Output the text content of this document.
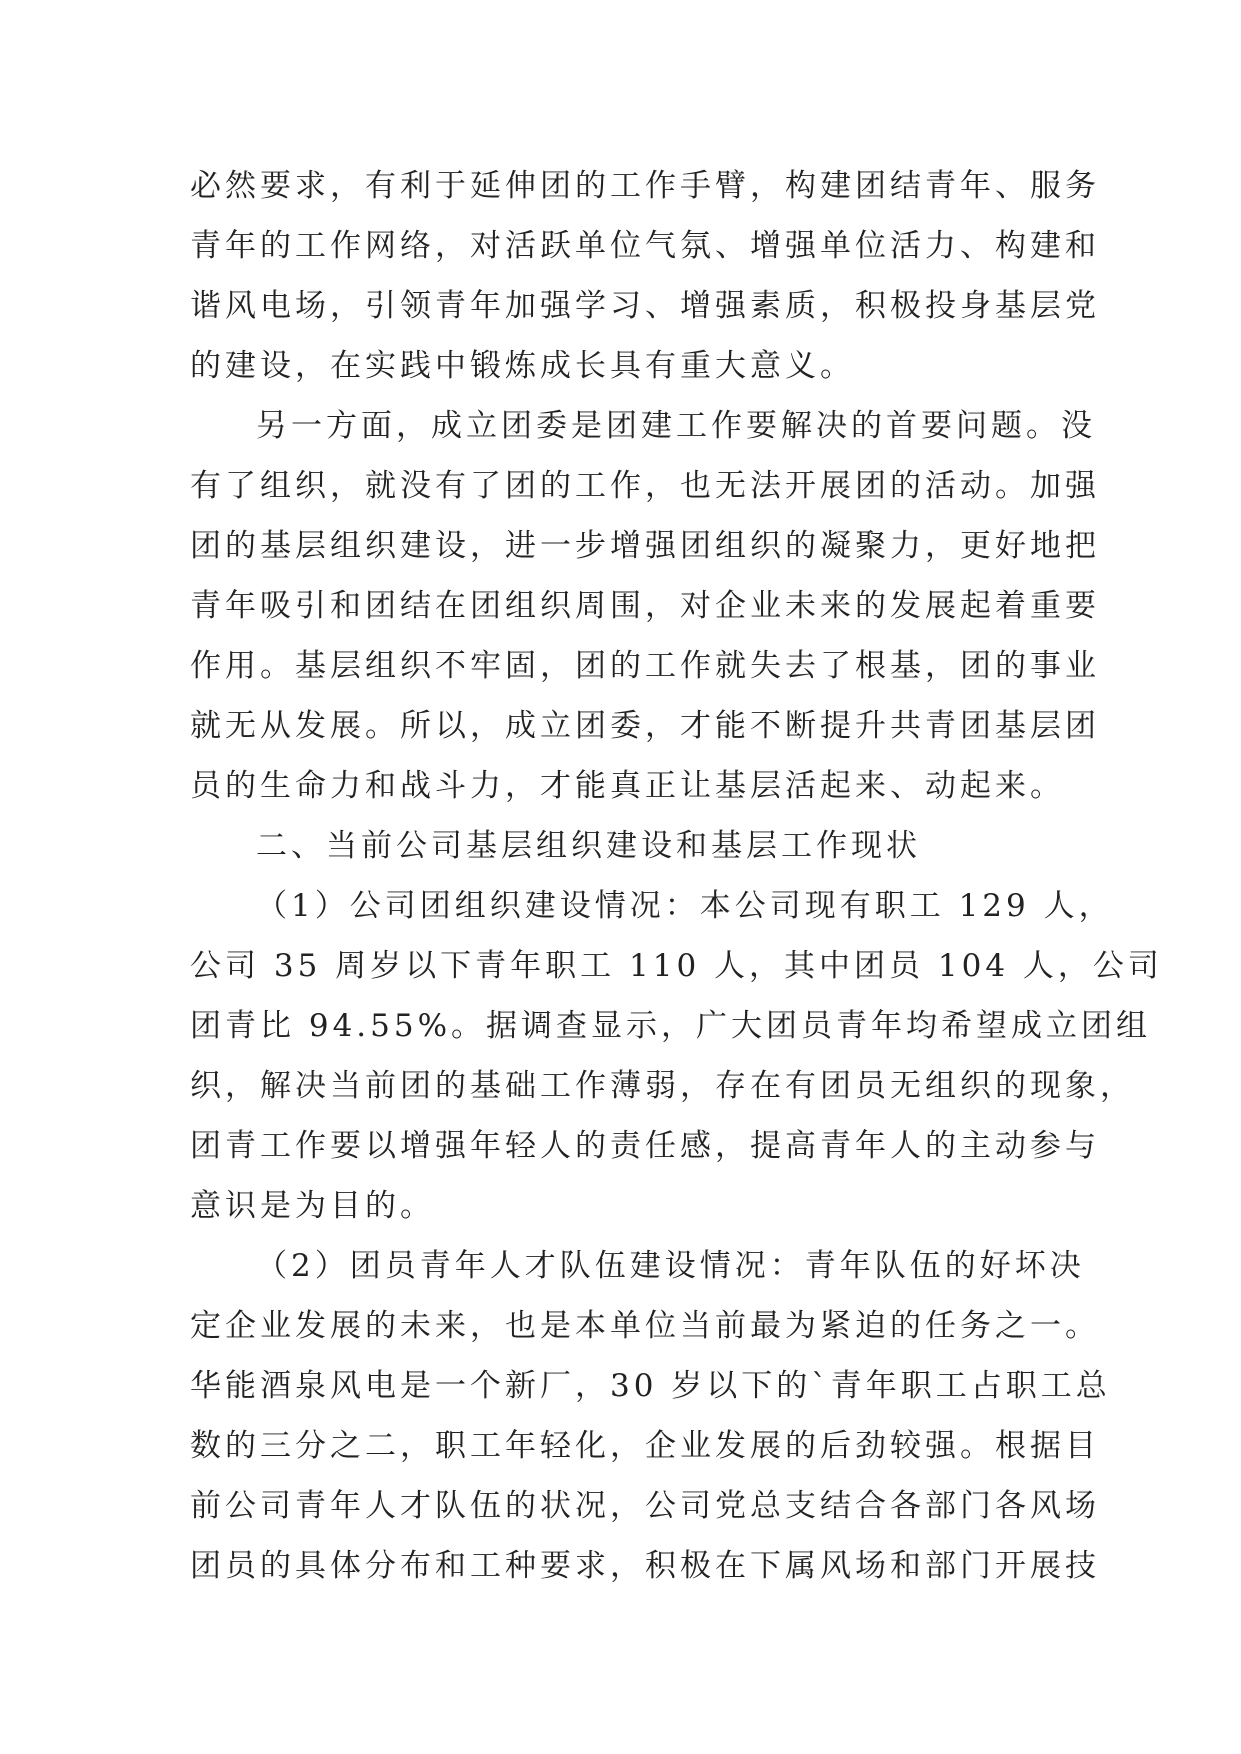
必然要求，有利于延伸团的工作手臂，构建团结青年、服务
青年的工作网络，对活跃单位气氛、增强单位活力、构建和
谐风电场，引领青年加强学习、增强素质，积极投身基层党
的建设，在实践中锻炼成长具有重大意义。
另一方面，成立团委是团建工作要解决的首要问题。没
有了组织，就没有了团的工作，也无法开展团的活动。加强
团的基层组织建设，进一步增强团组织的凝聚力，更好地把
青年吸引和团结在团组织周围，对企业未来的发展起着重要
作用。基层组织不牢固，团的工作就失去了根基，团的事业
就无从发展。所以，成立团委，才能不断提升共青团基层团
员的生命力和战斗力，才能真正让基层活起来、动起来。
二、当前公司基层组织建设和基层工作现状
（1）公司团组织建设情况：本公司现有职工 129 人，
公司 35 周岁以下青年职工 110 人，其中团员 104 人，公司
团青比 94.55%。据调查显示，广大团员青年均希望成立团组
织，解决当前团的基础工作薄弱，存在有团员无组织的现象，
团青工作要以增强年轻人的责任感，提高青年人的主动参与
意识是为目的。
（2）团员青年人才队伍建设情况：青年队伍的好坏决
定企业发展的未来，也是本单位当前最为紧迫的任务之一。
华能酒泉风电是一个新厂，30 岁以下的`青年职工占职工总
数的三分之二，职工年轻化，企业发展的后劲较强。根据目
前公司青年人才队伍的状况，公司党总支结合各部门各风场
团员的具体分布和工种要求，积极在下属风场和部门开展技
